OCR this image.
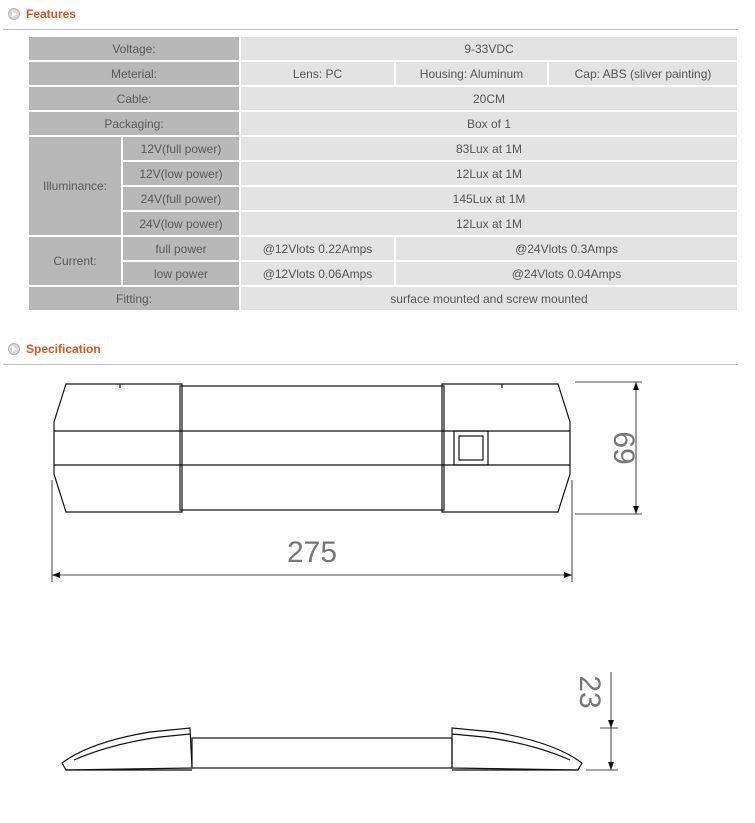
Features
Voltage:		9-33VDC		
Meterial:		Lens: PC	Housing: Aluminum	Cap: ABS (sliver painting)
Cable:		20CM		
Packaging:		Box of 1		
Illuminance:	12V(full power)	83Lux at 1M		
	12V(low power)	12Lux at 1M		
	24V(full power)	145Lux at 1M		
	24V(low power)	12Lux at 1M		
Current:	full power	@12Vlots 0.22Amps	@24Vlots 0.3Amps	
	low power	@12Vlots 0.06Amps	@24Vlots 0.04Amps	
Fitting:		surface mounted and screw mounted		
Specification
69
275
23
